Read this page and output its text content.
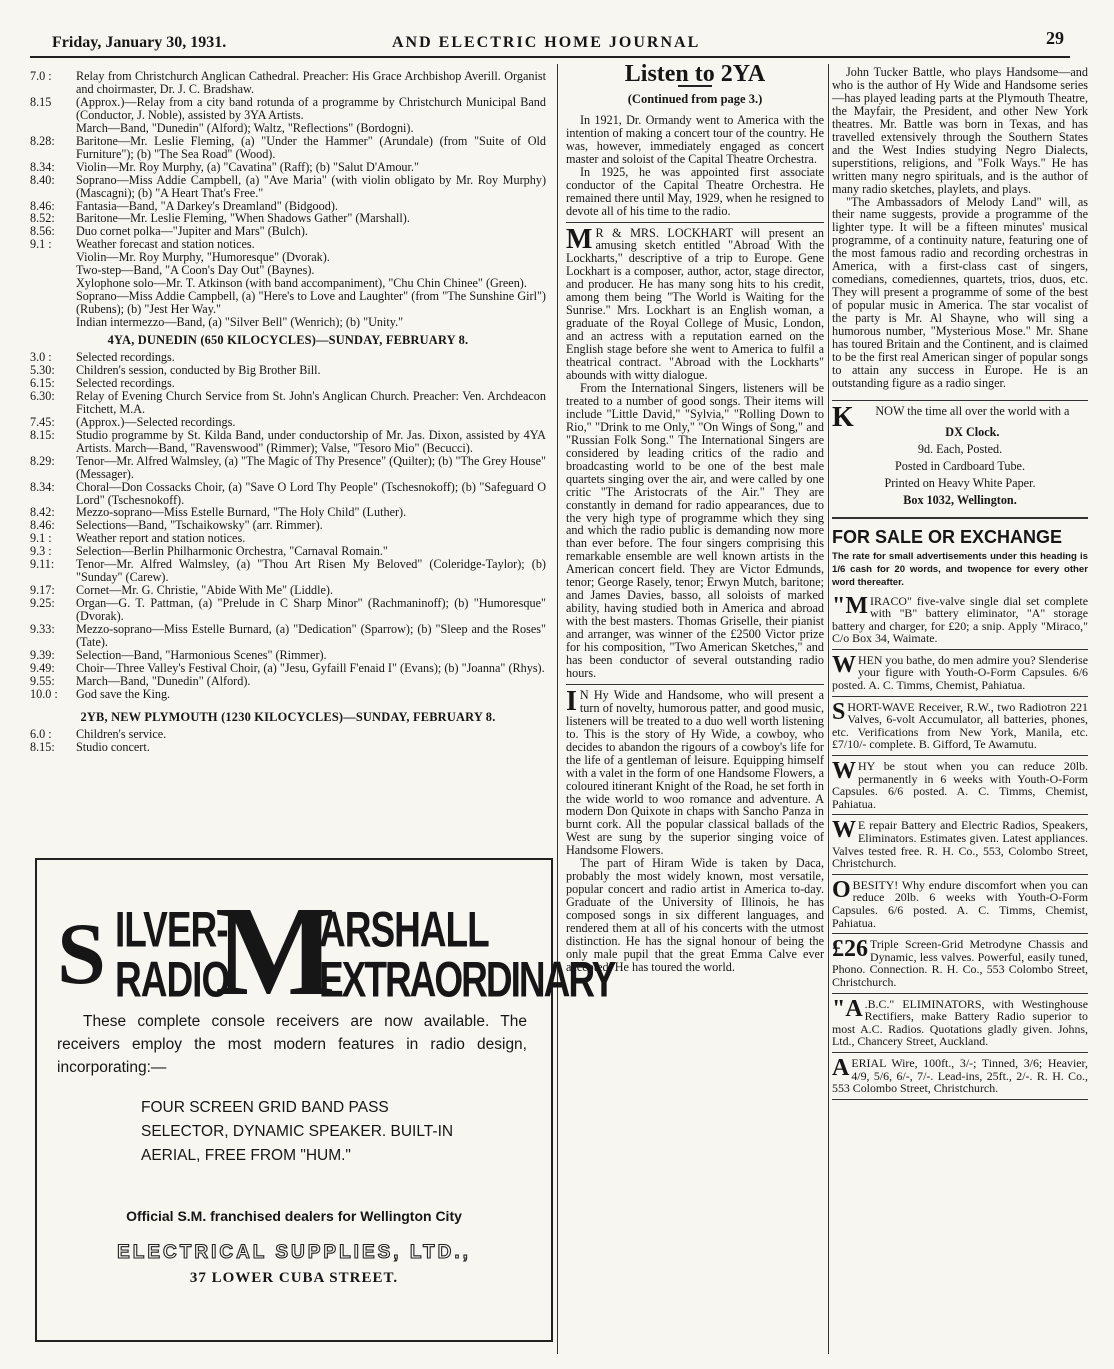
Friday, January 30, 1931.	AND ELECTRIC HOME JOURNAL	29
7.0 :	Relay from Christchurch Anglican Cathedral. Preacher: His Grace Archbishop Averill. Organist and choirmaster, Dr. J. C. Bradshaw.
8.15	(Approx.)—Relay from a city band rotunda of a programme by Christchurch Municipal Band (Conductor, J. Noble), assisted by 3YA Artists.
March—Band, "Dunedin" (Alford); Waltz, "Reflections" (Bordogni).
8.28:	Baritone—Mr. Leslie Fleming, (a) "Under the Hammer" (Arundale) (from "Suite of Old Furniture"); (b) "The Sea Road" (Wood).
8.34:	Violin—Mr. Roy Murphy, (a) "Cavatina" (Raff); (b) "Salut D'Amour."
8.40:	Soprano—Miss Addie Campbell, (a) "Ave Maria" (with violin obligato by Mr. Roy Murphy) (Mascagni); (b) "A Heart That's Free."
8.46:	Fantasia—Band, "A Darkey's Dreamland" (Bidgood).
8.52:	Baritone—Mr. Leslie Fleming, "When Shadows Gather" (Marshall).
8.56:	Duo cornet polka—"Jupiter and Mars" (Bulch).
9.1 :	Weather forecast and station notices.
Violin—Mr. Roy Murphy, "Humoresque" (Dvorak).
Two-step—Band, "A Coon's Day Out" (Baynes).
Xylophone solo—Mr. T. Atkinson (with band accompaniment), "Chu Chin Chinee" (Green).
Soprano—Miss Addie Campbell, (a) "Here's to Love and Laughter" (from "The Sunshine Girl") (Rubens); (b) "Jest Her Way."
Indian intermezzo—Band, (a) "Silver Bell" (Wenrich); (b) "Unity."
4YA, DUNEDIN (650 KILOCYCLES)—SUNDAY, FEBRUARY 8.
3.0 :	Selected recordings.
5.30:	Children's session, conducted by Big Brother Bill.
6.15:	Selected recordings.
6.30:	Relay of Evening Church Service from St. John's Anglican Church. Preacher: Ven. Archdeacon Fitchett, M.A.
7.45:	(Approx.)—Selected recordings.
8.15:	Studio programme by St. Kilda Band, under conductorship of Mr. Jas. Dixon, assisted by 4YA Artists. March—Band, "Ravenswood" (Rimmer); Valse, "Tesoro Mio" (Becucci).
8.29:	Tenor—Mr. Alfred Walmsley, (a) "The Magic of Thy Presence" (Quilter); (b) "The Grey House" (Messager).
8.34:	Choral—Don Cossacks Choir, (a) "Save O Lord Thy People" (Tschesnokoff); (b) "Safeguard O Lord" (Tschesnokoff).
8.42:	Mezzo-soprano—Miss Estelle Burnard, "The Holy Child" (Luther).
8.46:	Selections—Band, "Tschaikowsky" (arr. Rimmer).
9.1 :	Weather report and station notices.
9.3 :	Selection—Berlin Philharmonic Orchestra, "Carnaval Romain."
9.11:	Tenor—Mr. Alfred Walmsley, (a) "Thou Art Risen My Beloved" (Coleridge-Taylor); (b) "Sunday" (Carew).
9.17:	Cornet—Mr. G. Christie, "Abide With Me" (Liddle).
9.25:	Organ—G. T. Pattman, (a) "Prelude in C Sharp Minor" (Rachmaninoff); (b) "Humoresque" (Dvorak).
9.33:	Mezzo-soprano—Miss Estelle Burnard, (a) "Dedication" (Sparrow); (b) "Sleep and the Roses" (Tate).
9.39:	Selection—Band, "Harmonious Scenes" (Rimmer).
9.49:	Choir—Three Valley's Festival Choir, (a) "Jesu, Gyfaill F'enaid I" (Evans); (b) "Joanna" (Rhys).
9.55:	March—Band, "Dunedin" (Alford).
10.0 :	God save the King.
2YB, NEW PLYMOUTH (1230 KILOCYCLES)—SUNDAY, FEBRUARY 8.
6.0 :	Children's service.
8.15:	Studio concert.
S ILVER-
M
ARSHALL
RADIO EXTRAORDINARY
These complete console receivers are now available. The receivers employ the most modern features in radio design, incorporating:—
FOUR SCREEN GRID BAND PASS SELECTOR, DYNAMIC SPEAKER. BUILT-IN AERIAL, FREE FROM "HUM."
Official S.M. franchised dealers for Wellington City
ELECTRICAL SUPPLIES, LTD.,
37 LOWER CUBA STREET.
Listen to 2YA
(Continued from page 3.)

In 1921, Dr. Ormandy went to America with the intention of making a concert tour of the country. He was, however, immediately engaged as concert master and soloist of the Capital Theatre Orchestra.

In 1925, he was appointed first associate conductor of the Capital Theatre Orchestra. He remained there until May, 1929, when he resigned to devote all of his time to the radio.

M R & MRS. LOCKHART will present an amusing sketch entitled "Abroad With the Lockharts," descriptive of a trip to Europe. Gene Lockhart is a composer, author, actor, stage director, and producer. He has many song hits to his credit, among them being "The World is Waiting for the Sunrise." Mrs. Lockhart is an English woman, a graduate of the Royal College of Music, London, and an actress with a reputation earned on the English stage before she went to America to fulfil a theatrical contract. "Abroad with the Lockharts" abounds with witty dialogue.

From the International Singers, listeners will be treated to a number of good songs. Their items will include "Little David," "Sylvia," "Rolling Down to Rio," "Drink to me Only," "On Wings of Song," and "Russian Folk Song." The International Singers are considered by leading critics of the radio and broadcasting world to be one of the best male quartets singing over the air, and were called by one critic "The Aristocrats of the Air." They are constantly in demand for radio appearances, due to the very high type of programme which they sing and which the radio public is demanding now more than ever before. The four singers comprising this remarkable ensemble are well known artists in the American concert field. They are Victor Edmunds, tenor; George Rasely, tenor; Erwyn Mutch, baritone; and James Davies, basso, all soloists of marked ability, having studied both in America and abroad with the best masters. Thomas Griselle, their pianist and arranger, was winner of the £2500 Victor prize for his composition, "Two American Sketches," and has been conductor of several outstanding radio hours.

I N Hy Wide and Handsome, who will present a turn of novelty, humorous patter, and good music, listeners will be treated to a duo well worth listening to. This is the story of Hy Wide, a cowboy, who decides to abandon the rigours of a cowboy's life for the life of a gentleman of leisure. Equipping himself with a valet in the form of one Handsome Flowers, a coloured itinerant Knight of the Road, he set forth in the wide world to woo romance and adventure. A modern Don Quixote in chaps with Sancho Panza in burnt cork. All the popular classical ballads of the West are sung by the superior singing voice of Handsome Flowers.

The part of Hiram Wide is taken by Daca, probably the most widely known, most versatile, popular concert and radio artist in America to-day. Graduate of the University of Illinois, he has composed songs in six different languages, and rendered them at all of his concerts with the utmost distinction. He has the signal honour of being the only male pupil that the great Emma Calve ever accepted. He has toured the world.

John Tucker Battle, who plays Handsome—and who is the author of Hy Wide and Handsome series—has played leading parts at the Plymouth Theatre, the Mayfair, the President, and other New York theatres. Mr. Battle was born in Texas, and has travelled extensively through the Southern States and the West Indies studying Negro Dialects, superstitions, religions, and "Folk Ways." He has written many negro spirituals, and is the author of many radio sketches, playlets, and plays.

"The Ambassadors of Melody Land" will, as their name suggests, provide a programme of the lighter type. It will be a fifteen minutes' musical programme, of a continuity nature, featuring one of the most famous radio and recording orchestras in America, with a first-class cast of singers, comedians, comediennes, quartets, trios, duos, etc. They will present a programme of some of the best of popular music in America. The star vocalist of the party is Mr. Al Shayne, who will sing a humorous number, "Mysterious Mose." Mr. Shane has toured Britain and the Continent, and is claimed to be the first real American singer of popular songs to attain any success in Europe. He is an outstanding figure as a radio singer.

K NOW the time all over the world with a

DX Clock.
9d. Each, Posted.
Posted in Cardboard Tube.
Printed on Heavy White Paper.
Box 1032, Wellington.
FOR SALE OR EXCHANGE
The rate for small advertisements under this heading is 1/6 cash for 20 words, and twopence for every other word thereafter.

"MIRACO" five-valve single dial set complete with "B" battery eliminator, "A" storage battery and charger, for £20; a snip. Apply "Miraco," C/o Box 34, Waimate.

WHEN you bathe, do men admire you? Slenderise your figure with Youth-O-Form Capsules. 6/6 posted. A. C. Timms, Chemist, Pahiatua.

SHORT-WAVE Receiver, R.W., two Radiotron 221 Valves, 6-volt Accumulator, all batteries, phones, etc. Verifications from New York, Manila, etc. £7/10/- complete. B. Gifford, Te Awamutu.

WHY be stout when you can reduce 20lb. permanently in 6 weeks with Youth-O-Form Capsules. 6/6 posted. A. C. Timms, Chemist, Pahiatua.

W E repair Battery and Electric Radios, Speakers, Eliminators. Estimates given. Latest appliances. Valves tested free. R. H. Co., 553, Colombo Street, Christchurch.

OBESITY! Why endure discomfort when you can reduce 20lb. 6 weeks with Youth-O-Form Capsules. 6/6 posted. A. C. Timms, Chemist, Pahiatua.

£26 Triple Screen-Grid Metrodyne Chassis and Dynamic, less valves. Powerful, easily tuned, Phono. Connection. R. H. Co., 553 Colombo Street, Christchurch.

"A .B.C." ELIMINATORS, with Westinghouse Rectifiers, make Battery Radio superior to most A.C. Radios. Quotations gladly given. Johns, Ltd., Chancery Street, Auckland.

AERIAL Wire, 100ft., 3/-; Tinned, 3/6; Heavier, 4/9, 5/6, 6/-, 7/-. Lead-ins, 25ft., 2/-. R. H. Co., 553 Colombo Street, Christchurch.
